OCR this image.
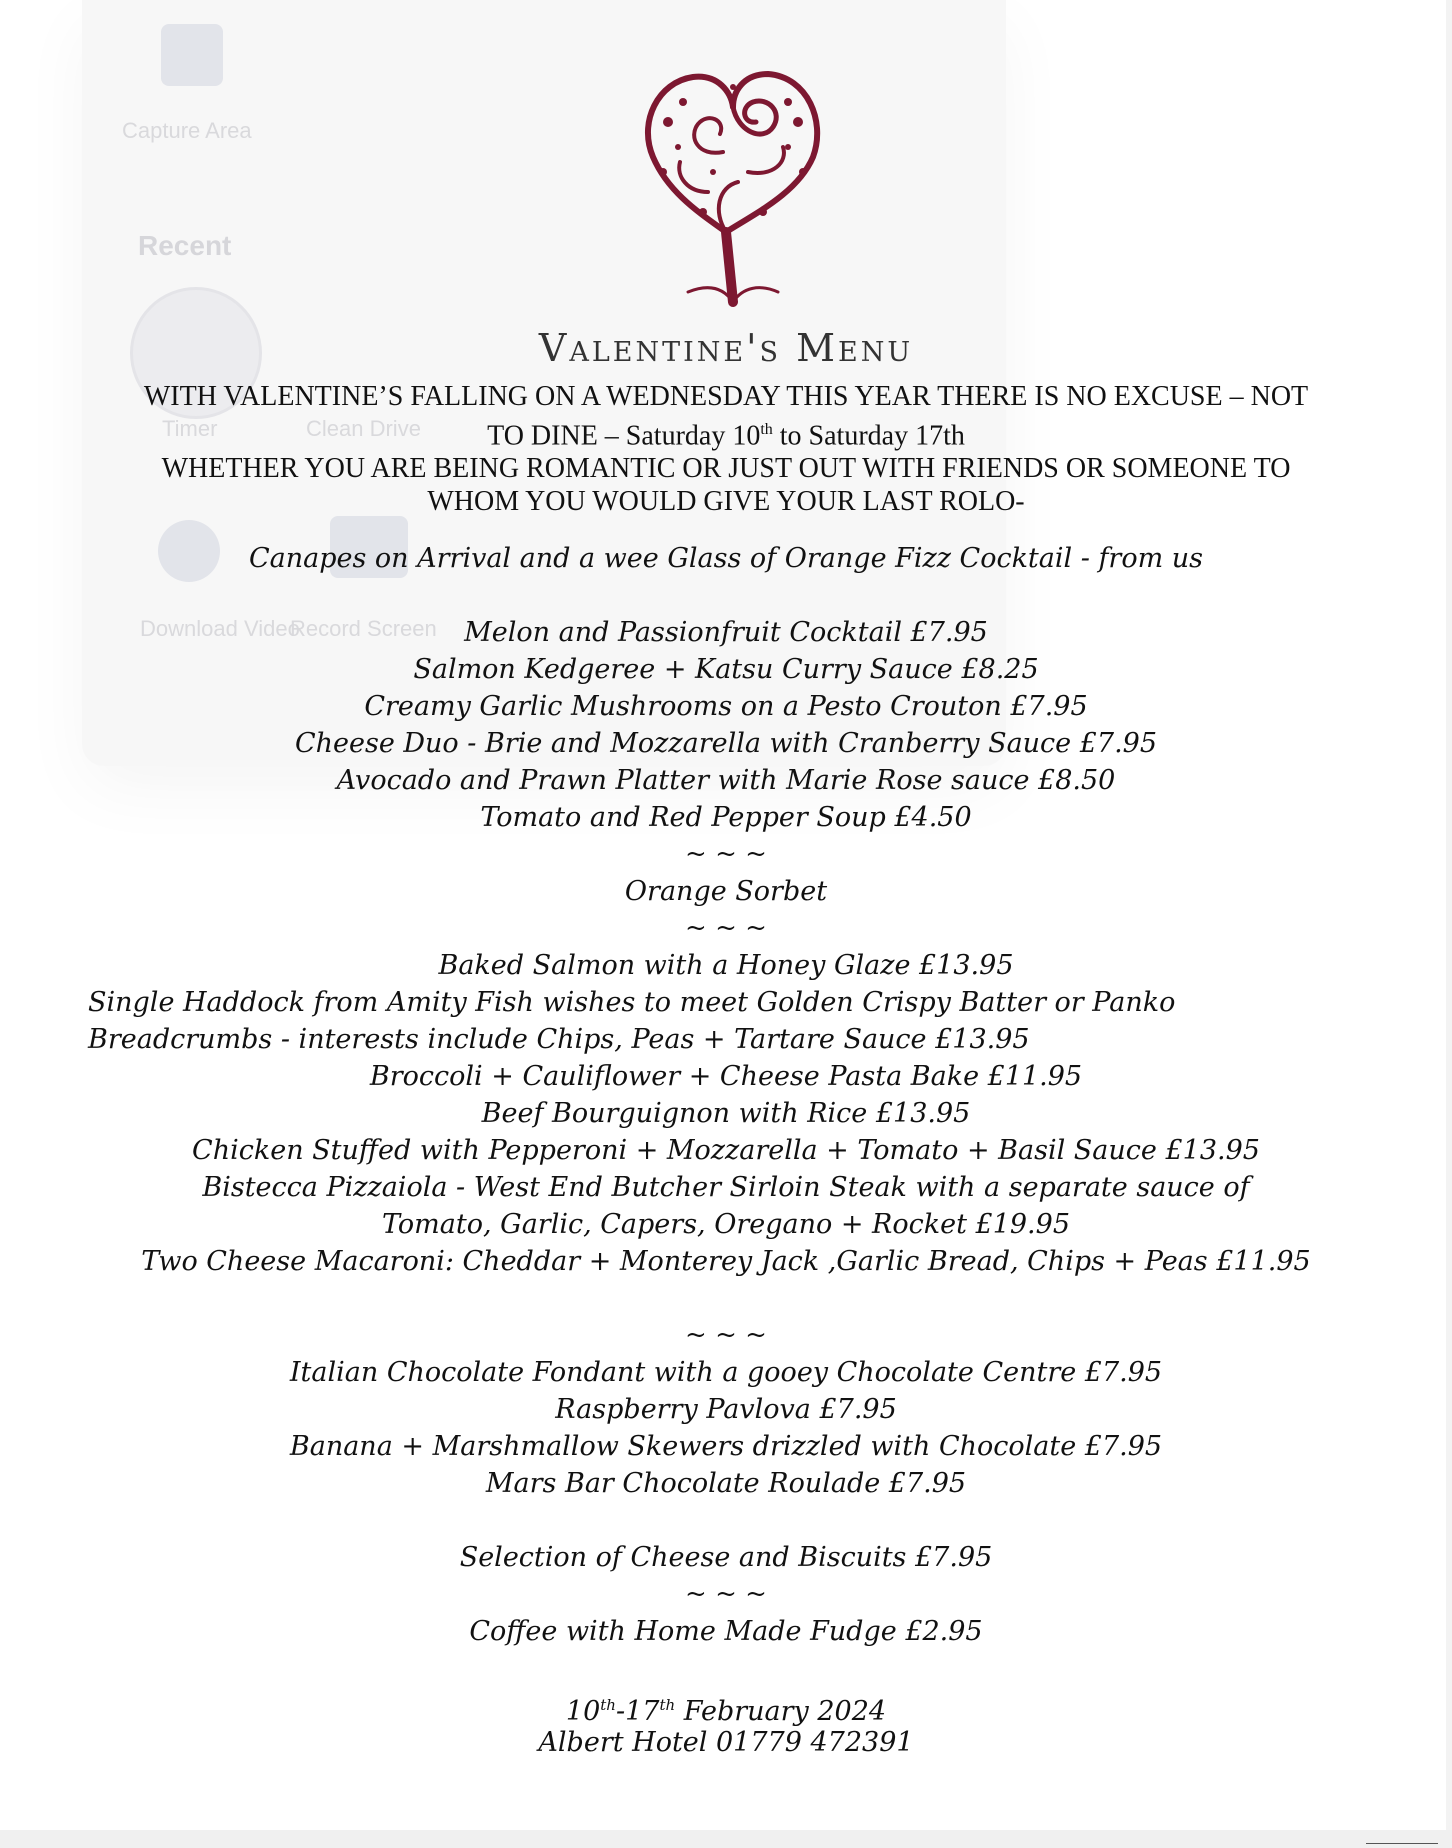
Capture Area
Recent
Timer	Clean Drive
Download Video
Record Screen
Valentine's Menu
WITH VALENTINE’S FALLING ON A WEDNESDAY THIS YEAR THERE IS NO EXCUSE – NOT
TO DINE – Saturday 10th to Saturday 17th
WHETHER YOU ARE BEING ROMANTIC OR JUST OUT WITH FRIENDS OR SOMEONE TO
WHOM YOU WOULD GIVE YOUR LAST ROLO-
Canapes on Arrival and a wee Glass of Orange Fizz Cocktail - from us
Melon and Passionfruit Cocktail £7.95
Salmon Kedgeree + Katsu Curry Sauce £8.25
Creamy Garlic Mushrooms on a Pesto Crouton £7.95
Cheese Duo - Brie and Mozzarella with Cranberry Sauce £7.95
Avocado and Prawn Platter with Marie Rose sauce £8.50
Tomato and Red Pepper Soup £4.50
~ ~ ~
Orange Sorbet
~ ~ ~
Baked Salmon with a Honey Glaze £13.95
Single Haddock from Amity Fish wishes to meet Golden Crispy Batter or Panko
Breadcrumbs - interests include Chips, Peas + Tartare Sauce £13.95
Broccoli + Cauliflower + Cheese Pasta Bake £11.95
Beef Bourguignon with Rice £13.95
Chicken Stuffed with Pepperoni + Mozzarella + Tomato + Basil Sauce £13.95
Bistecca Pizzaiola - West End Butcher Sirloin Steak with a separate sauce of
Tomato, Garlic, Capers, Oregano + Rocket £19.95
Two Cheese Macaroni: Cheddar + Monterey Jack ,Garlic Bread, Chips + Peas £11.95
~ ~ ~
Italian Chocolate Fondant with a gooey Chocolate Centre £7.95
Raspberry Pavlova £7.95
Banana + Marshmallow Skewers drizzled with Chocolate £7.95
Mars Bar Chocolate Roulade £7.95
Selection of Cheese and Biscuits £7.95
~ ~ ~
Coffee with Home Made Fudge £2.95
10th-17th February 2024
Albert Hotel 01779 472391
